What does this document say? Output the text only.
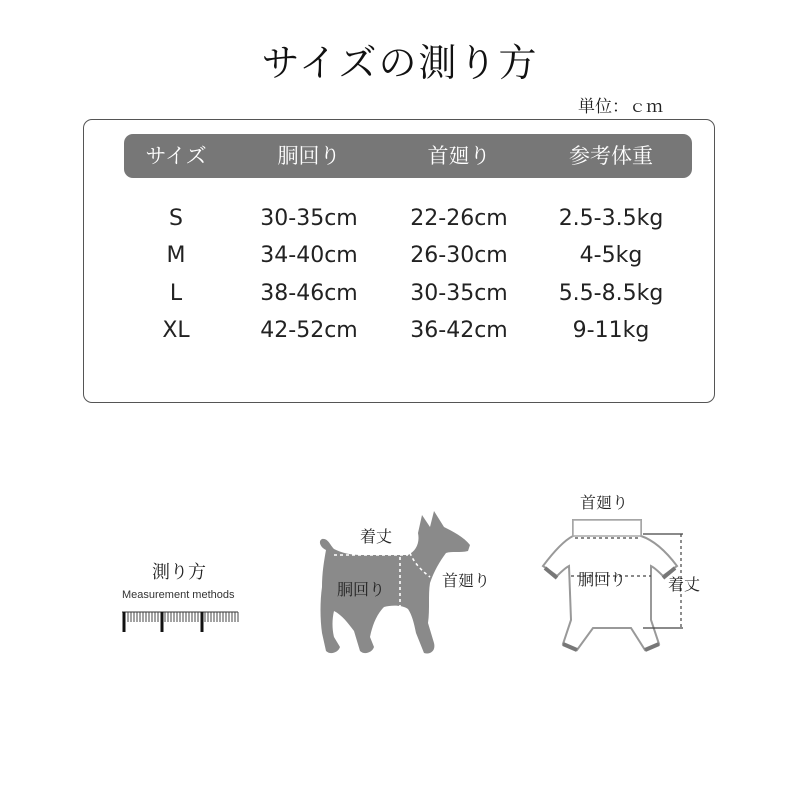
サイズの測り方
単位：ｃｍ
サイズ	胴回り	首廻り	参考体重
S	30-35cm	22-26cm	2.5-3.5kg
M	34-40cm	26-30cm	4-5kg
L	38-46cm	30-35cm	5.5-8.5kg
XL	42-52cm	36-42cm	9-11kg
測り方
Measurement methods
着丈
胴回り	首廻り
首廻り
胴回り	着丈
